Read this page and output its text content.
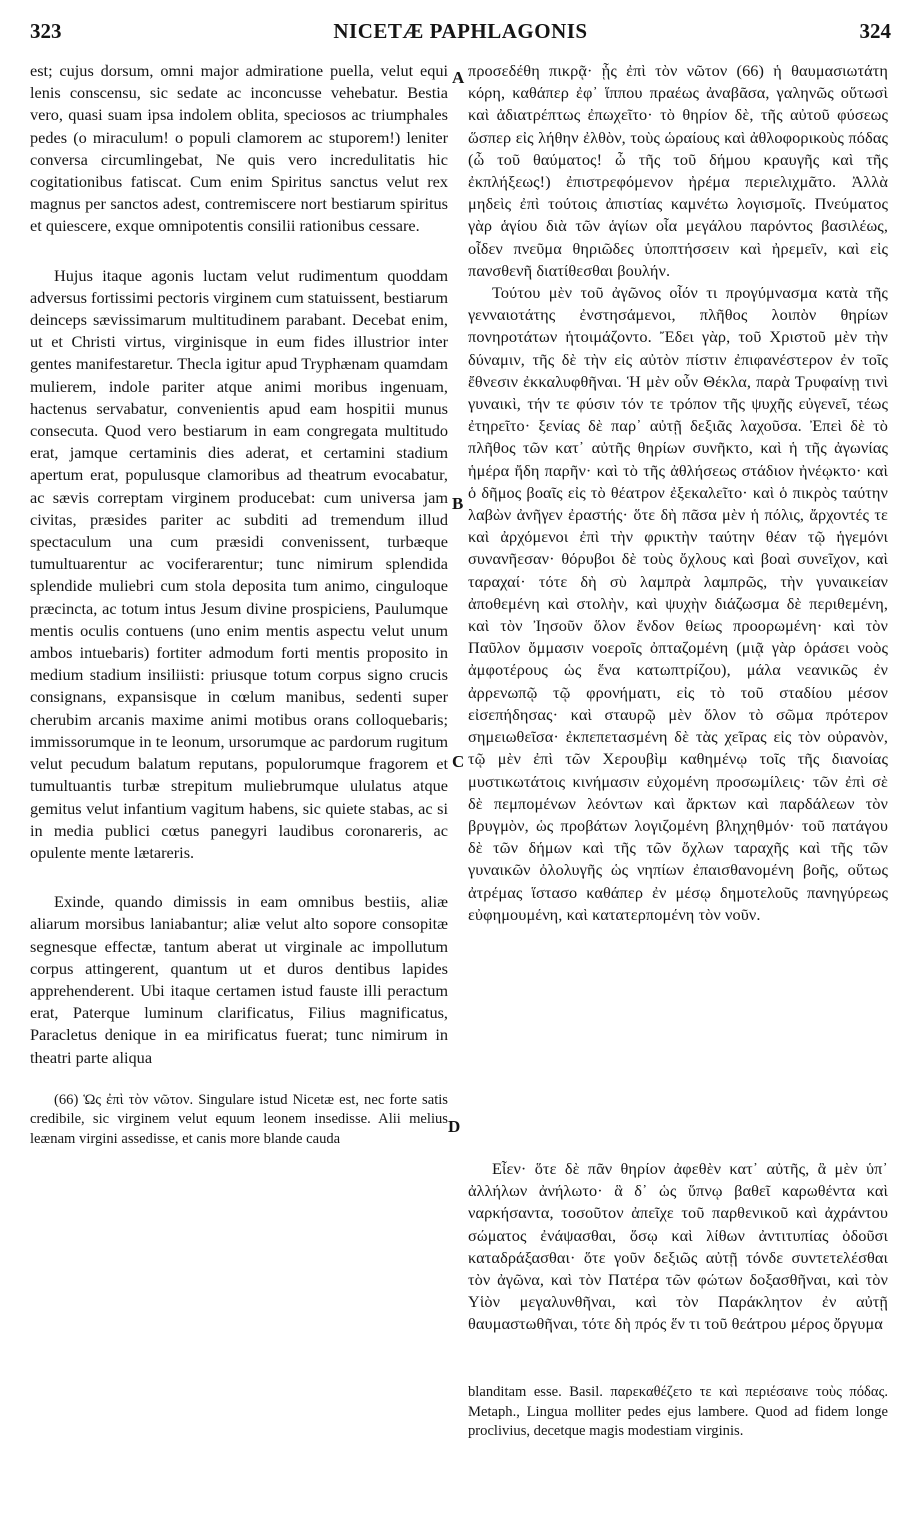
323	NICETÆ PAPHLAGONIS	324
A
B
C
D

est; cujus dorsum, omni major admiratione puella, velut equi lenis conscensu, sic sedate ac inconcusse vehebatur. Bestia vero, quasi suam ipsa indolem oblita, speciosos ac triumphales pedes (o miraculum! o populi clamorem ac stuporem!) leniter conversa circumlingebat, Ne quis vero incredulitatis hic cogitationibus fatiscat. Cum enim Spiritus sanctus velut rex magnus per sanctos adest, contremiscere nort bestiarum spiritus et quiescere, exque omnipotentis consilii rationibus cessare.

Hujus itaque agonis luctam velut rudimentum quoddam adversus fortissimi pectoris virginem cum statuissent, bestiarum deinceps sævissimarum multitudinem parabant. Decebat enim, ut et Christi virtus, virginisque in eum fides illustrior inter gentes manifestaretur. Thecla igitur apud Tryphænam quamdam mulierem, indole pariter atque animi moribus ingenuam, hactenus servabatur, convenientis apud eam hospitii munus consecuta. Quod vero bestiarum in eam congregata multitudo erat, jamque certaminis dies aderat, et certamini stadium apertum erat, populusque clamoribus ad theatrum evocabatur, ac sævis correptam virginem producebat: cum universa jam civitas, præsides pariter ac subditi ad tremendum illud spectaculum una cum præsidi convenissent, turbæque tumultuarentur ac vociferarentur; tunc nimirum splendida splendide muliebri cum stola deposita tum animo, cinguloque præcincta, ac totum intus Jesum divine prospiciens, Paulumque mentis oculis contuens (uno enim mentis aspectu velut unum ambos intuebaris) fortiter admodum forti mentis proposito in medium stadium insiliisti: priusque totum corpus signo crucis consignans, expansisque in cœlum manibus, sedenti super cherubim arcanis maxime animi motibus orans colloquebaris; immissorumque in te leonum, ursorumque ac pardorum rugitum velut pecudum balatum reputans, populorumque fragorem et tumultuantis turbæ strepitum muliebrumque ululatus atque gemitus velut infantium vagitum habens, sic quiete stabas, ac si in media publici cœtus panegyri laudibus coronareris, ac opulente mente lætareris.

Exinde, quando dimissis in eam omnibus bestiis, aliæ aliarum morsibus laniabantur; aliæ velut alto sopore consopitæ segnesque effectæ, tantum aberat ut virginale ac impollutum corpus attingerent, quantum ut et duros dentibus lapides apprehenderent. Ubi itaque certamen istud fauste illi peractum erat, Paterque luminum clarificatus, Filius magnificatus, Paracletus denique in ea mirificatus fuerat; tunc nimirum in theatri parte aliqua

(66) Ὡς ἐπὶ τὸν νῶτον. Singulare istud Nicetæ est, nec forte satis credibile, sic virginem velut equum leonem insedisse. Alii melius leænam virgini assedisse, et canis more blande cauda

προσεδέθη πικρᾷ· ᾗς ἐπὶ τὸν νῶτον (66) ἡ θαυμασιωτάτη κόρη, καθάπερ ἐφ᾽ ἵππου πραέως ἀναβᾶσα, γαληνῶς οὕτωσὶ καὶ ἀδιατρέπτως ἐπωχεῖτο· τὸ θηρίον δὲ, τῆς αὐτοῦ φύσεως ὥσπερ εἰς λήθην ἐλθὸν, τοὺς ὡραίους καὶ ἀθλοφορικοὺς πόδας (ὦ τοῦ θαύματος! ὦ τῆς τοῦ δήμου κραυγῆς καὶ τῆς ἐκπλήξεως!) ἐπιστρεφόμενον ἠρέμα περιελιχμᾶτο. Ἀλλὰ μηδεὶς ἐπὶ τούτοις ἀπιστίας καμνέτω λογισμοῖς. Πνεύματος γὰρ ἁγίου διὰ τῶν ἁγίων οἷα μεγάλου παρόντος βασιλέως, οἶδεν πνεῦμα θηριῶδες ὑποπτήσσειν καὶ ἠρεμεῖν, καὶ εἰς πανσθενῆ διατίθεσθαι βουλήν.

Τούτου μὲν τοῦ ἀγῶνος οἷόν τι προγύμνασμα κατὰ τῆς γενναιοτάτης ἐνστησάμενοι, πλῆθος λοιπὸν θηρίων πονηροτάτων ἡτοιμάζοντο. Ἔδει γὰρ, τοῦ Χριστοῦ μὲν τὴν δύναμιν, τῆς δὲ τὴν εἰς αὐτὸν πίστιν ἐπιφανέστερον ἐν τοῖς ἔθνεσιν ἐκκαλυφθῆναι. Ἡ μὲν οὖν Θέκλα, παρὰ Τρυφαίνῃ τινὶ γυναικὶ, τήν τε φύσιν τόν τε τρόπον τῆς ψυχῆς εὐγενεῖ, τέως ἐτηρεῖτο· ξενίας δὲ παρ᾽ αὐτῇ δεξιᾶς λαχοῦσα. Ἐπεὶ δὲ τὸ πλῆθος τῶν κατ᾽ αὐτῆς θηρίων συνῆκτο, καὶ ἡ τῆς ἀγωνίας ἡμέρα ἤδη παρῆν· καὶ τὸ τῆς ἀθλήσεως στάδιον ἠνέῳκτο· καὶ ὁ δῆμος βοαῖς εἰς τὸ θέατρον ἐξεκαλεῖτο· καὶ ὁ πικρὸς ταύτην λαβὼν ἀνῆγεν ἐραστής· ὅτε δὴ πᾶσα μὲν ἡ πόλις, ἄρχοντές τε καὶ ἀρχόμενοι ἐπὶ τὴν φρικτὴν ταύτην θέαν τῷ ἡγεμόνι συνανῆεσαν· θόρυβοι δὲ τοὺς ὄχλους καὶ βοαὶ συνεῖχον, καὶ ταραχαί· τότε δὴ σὺ λαμπρὰ λαμπρῶς, τὴν γυναικείαν ἀποθεμένη καὶ στολὴν, καὶ ψυχὴν διάζωσμα δὲ περιθεμένη, καὶ τὸν Ἰησοῦν ὅλον ἔνδον θείως προορωμένη· καὶ τὸν Παῦλον ὄμμασιν νοεροῖς ὀπταζομένη (μιᾷ γὰρ ὁράσει νοὸς ἀμφοτέρους ὡς ἕνα κατωπτρίζου), μάλα νεανικῶς ἐν ἀρρενωπῷ τῷ φρονήματι, εἰς τὸ τοῦ σταδίου μέσον εἰσεπήδησας· καὶ σταυρῷ μὲν ὅλον τὸ σῶμα πρότερον σημειωθεῖσα· ἐκπεπετασμένη δὲ τὰς χεῖρας εἰς τὸν οὐρανὸν, τῷ μὲν ἐπὶ τῶν Χερουβὶμ καθημένῳ τοῖς τῆς διανοίας μυστικωτάτοις κινήμασιν εὐχομένη προσωμίλεις· τῶν ἐπὶ σὲ δὲ πεμπομένων λεόντων καὶ ἄρκτων καὶ παρδάλεων τὸν βρυγμὸν, ὡς προβάτων λογιζομένη βληχηθμόν· τοῦ πατάγου δὲ τῶν δήμων καὶ τῆς τῶν ὄχλων ταραχῆς καὶ τῆς τῶν γυναικῶν ὀλολυγῆς ὡς νηπίων ἐπαισθανομένη βοῆς, οὕτως ἀτρέμας ἵστασο καθάπερ ἐν μέσῳ δημοτελοῦς πανηγύρεως εὐφημουμένη, καὶ κατατερπομένη τὸν νοῦν.

Εἶεν· ὅτε δὲ πᾶν θηρίον ἀφεθὲν κατ᾽ αὐτῆς, ἃ μὲν ὑπ᾽ ἀλλήλων ἀνήλωτο· ἃ δ᾽ ὡς ὕπνῳ βαθεῖ καρωθέντα καὶ ναρκήσαντα, τοσοῦτον ἀπεῖχε τοῦ παρθενικοῦ καὶ ἀχράντου σώματος ἐνάψασθαι, ὅσῳ καὶ λίθων ἀντιτυπίας ὀδοῦσι καταδράξασθαι· ὅτε γοῦν δεξιῶς αὐτῇ τόνδε συντετελέσθαι τὸν ἀγῶνα, καὶ τὸν Πατέρα τῶν φώτων δοξασθῆναι, καὶ τὸν Υἱὸν μεγαλυνθῆναι, καὶ τὸν Παράκλητον ἐν αὐτῇ θαυμαστωθῆναι, τότε δὴ πρός ἕν τι τοῦ θεάτρου μέρος ὄργυμα

blanditam esse. Basil. παρεκαθέζετο τε καὶ περιέσαινε τοὺς πόδας. Metaph., Lingua molliter pedes ejus lambere. Quod ad fidem longe proclivius, decetque magis modestiam virginis.
